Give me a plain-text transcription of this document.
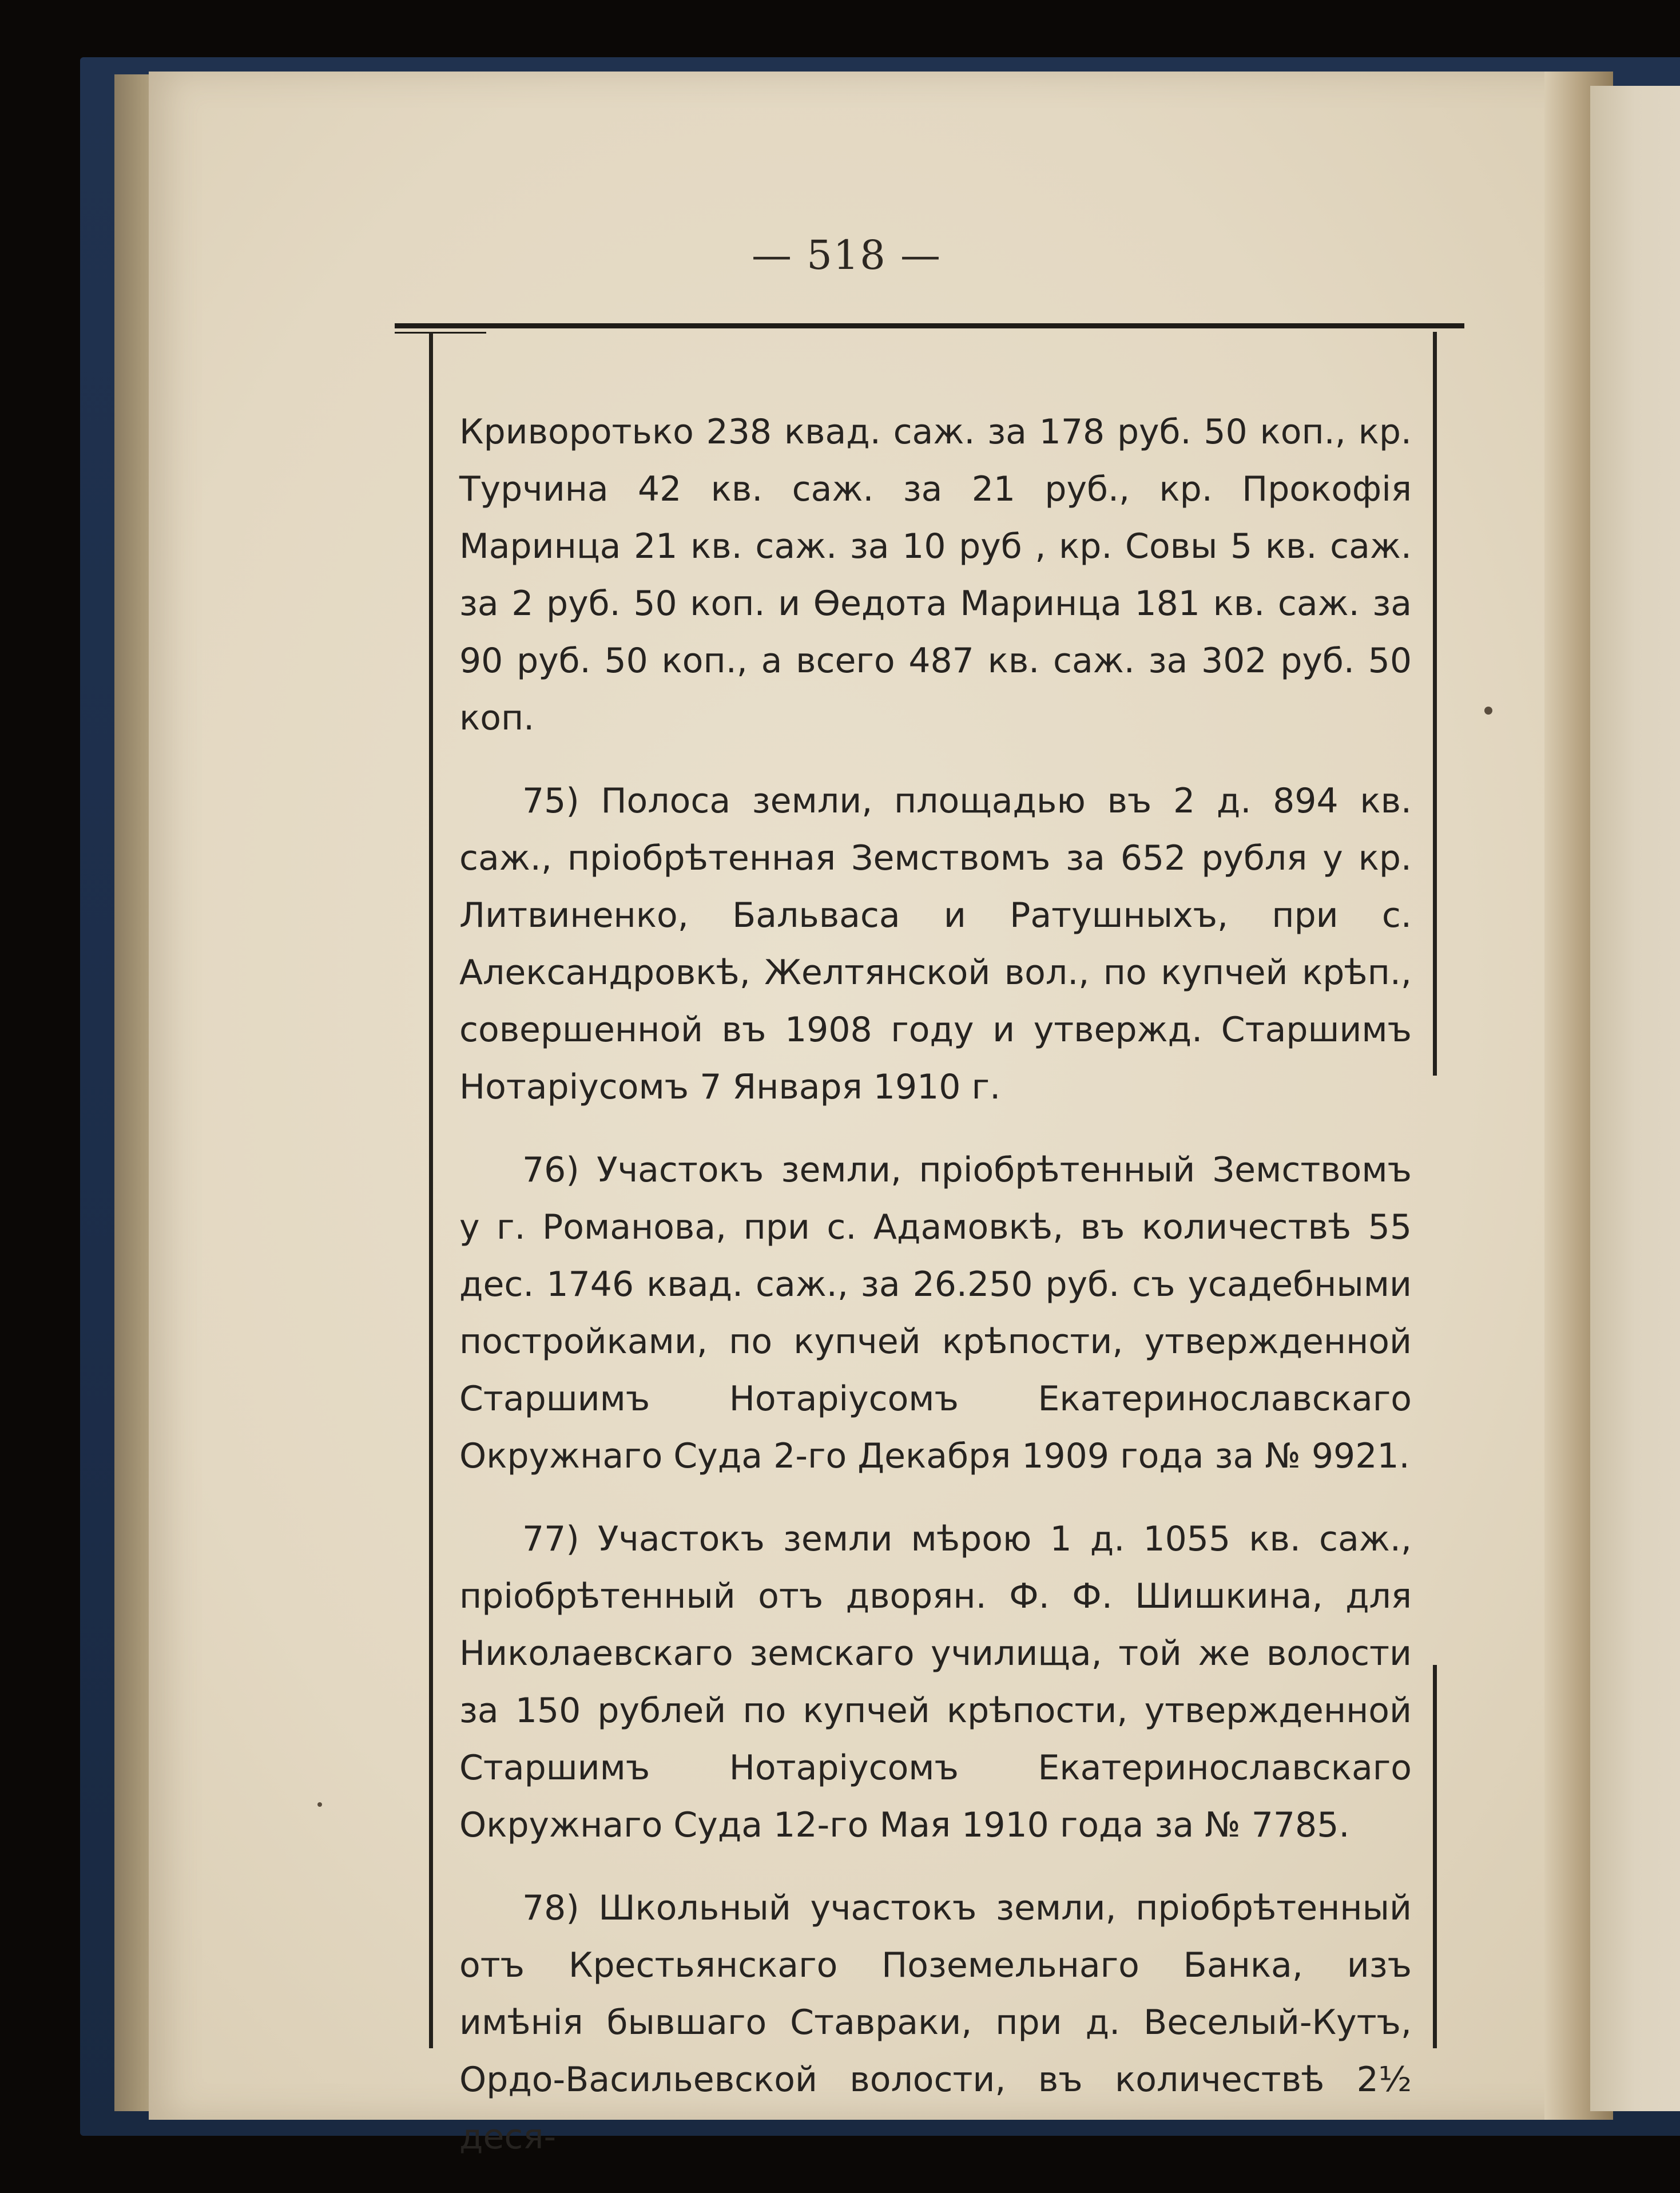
— 518 —

Криворотько 238 квад. саж. за 178 руб. 50 коп., кр. Турчина 42 кв. саж. за 21 руб., кр. Прокофія Маринца 21 кв. саж. за 10 руб , кр. Совы 5 кв. саж. за 2 руб. 50 коп. и Өедота Маринца 181 кв. саж. за 90 руб. 50 коп., а всего 487 кв. саж. за 302 руб. 50 коп.

75) Полоса земли, площадью въ 2 д. 894 кв. саж., пріобрѣтенная Земствомъ за 652 рубля у кр. Литвиненко, Бальваса и Ратушныхъ, при с. Александровкѣ, Желтянской вол., по купчей крѣп., совершенной въ 1908 году и утвержд. Старшимъ Нотаріусомъ 7 Января 1910 г.

76) Участокъ земли, пріобрѣтенный Земствомъ у г. Романова, при с. Адамовкѣ, въ количествѣ 55 дес. 1746 квад. саж., за 26.250 руб. съ усадебными постройками, по купчей крѣпости, утвержденной Старшимъ Нотаріусомъ Екатеринославскаго Окружнаго Суда 2-го Декабря 1909 года за № 9921.

77) Участокъ земли мѣрою 1 д. 1055 кв. саж., пріобрѣтенный отъ дворян. Ф. Ф. Шишкина, для Николаевскаго земскаго училища, той же волости за 150 рублей по купчей крѣпости, утвержденной Старшимъ Нотаріусомъ Екатеринославскаго Окружнаго Суда 12-го Мая 1910 года за № 7785.

78) Школьный участокъ земли, пріобрѣтенный отъ Крестьянскаго Поземельнаго Банка, изъ имѣнія бывшаго Ставраки, при д. Веселый-Кутъ, Ордо-Васильевской волости, въ количествѣ 2½ деся-
